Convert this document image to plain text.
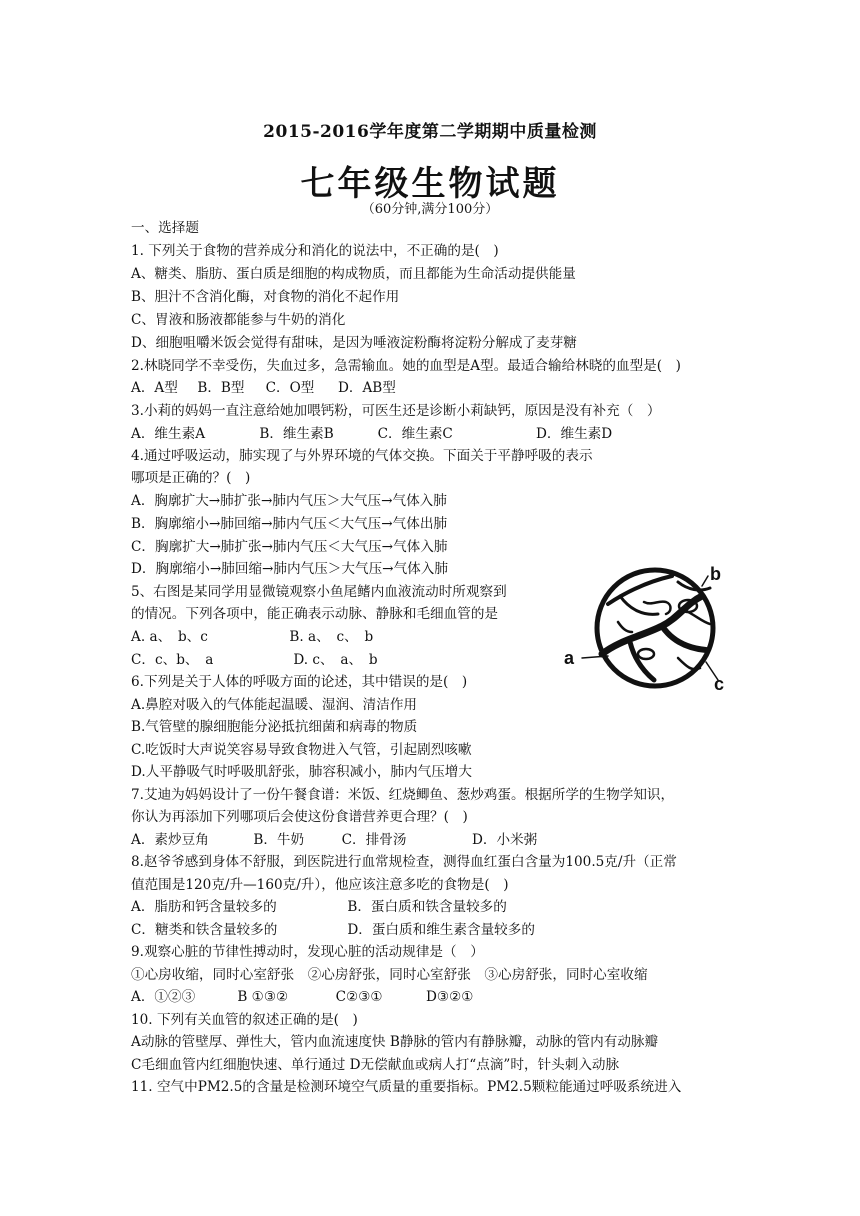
2015-2016学年度第二学期期中质量检测
七年级生物试题
（60分钟,满分100分）
一、选择题
1. 下列关于食物的营养成分和消化的说法中，不正确的是(　)
A、糖类、脂肪、蛋白质是细胞的构成物质，而且都能为生命活动提供能量
B、胆汁不含消化酶，对食物的消化不起作用
C、胃液和肠液都能参与牛奶的消化
D、细胞咀嚼米饭会觉得有甜味，是因为唾液淀粉酶将淀粉分解成了麦芽糖
2.林晓同学不幸受伤，失血过多，急需输血。她的血型是A型。最适合输给林晓的血型是(　)
A．A型 B．B型 C．O型 D．AB型
3.小莉的妈妈一直注意给她加喂钙粉，可医生还是诊断小莉缺钙，原因是没有补充（　）
A．维生素A	B．维生素B	C．维生素C	D．维生素D
4.通过呼吸运动，肺实现了与外界环境的气体交换。下面关于平静呼吸的表示
哪项是正确的？(　)
A．胸廓扩大→肺扩张→肺内气压＞大气压→气体入肺
B．胸廓缩小→肺回缩→肺内气压＜大气压→气体出肺
C．胸廓扩大→肺扩张→肺内气压＜大气压→气体入肺
D．胸廓缩小→肺回缩→肺内气压＞大气压→气体入肺
5、右图是某同学用显微镜观察小鱼尾鳍内血液流动时所观察到
的情况。下列各项中，能正确表示动脉、静脉和毛细血管的是
A. a、　b、c	B. a、　c、　b
C．c、b、　a	D. c、　a、　b
b
a
c
6.下列是关于人体的呼吸方面的论述，其中错误的是(　)
A.鼻腔对吸入的气体能起温暖、湿润、清洁作用
B.气管壁的腺细胞能分泌抵抗细菌和病毒的物质
C.吃饭时大声说笑容易导致食物进入气管，引起剧烈咳嗽
D.人平静吸气时呼吸肌舒张，肺容积减小，肺内气压增大
7.艾迪为妈妈设计了一份午餐食谱：米饭、红烧鲫鱼、葱炒鸡蛋。根据所学的生物学知识，
你认为再添加下列哪项后会使这份食谱营养更合理？(　)
A．素炒豆角	B．牛奶	C．排骨汤	D．小米粥
8.赵爷爷感到身体不舒服，到医院进行血常规检查，测得血红蛋白含量为100.5克/升（正常
值范围是120克/升—160克/升），他应该注意多吃的食物是(　)
A．脂肪和钙含量较多的	B．蛋白质和铁含量较多的
C．糖类和铁含量较多的	D．蛋白质和维生素含量较多的
9.观察心脏的节律性搏动时，发现心脏的活动规律是（　）
①心房收缩，同时心室舒张　②心房舒张，同时心室舒张　③心房舒张，同时心室收缩
A．①②③	B ①③②	C②③①	D③②①
10. 下列有关血管的叙述正确的是(　)
A动脉的管壁厚、弹性大，管内血流速度快 B静脉的管内有静脉瓣，动脉的管内有动脉瓣
C毛细血管内红细胞快速、单行通过 D无偿献血或病人打“点滴”时，针头刺入动脉
11. 空气中PM2.5的含量是检测环境空气质量的重要指标。PM2.5颗粒能通过呼吸系统进入
